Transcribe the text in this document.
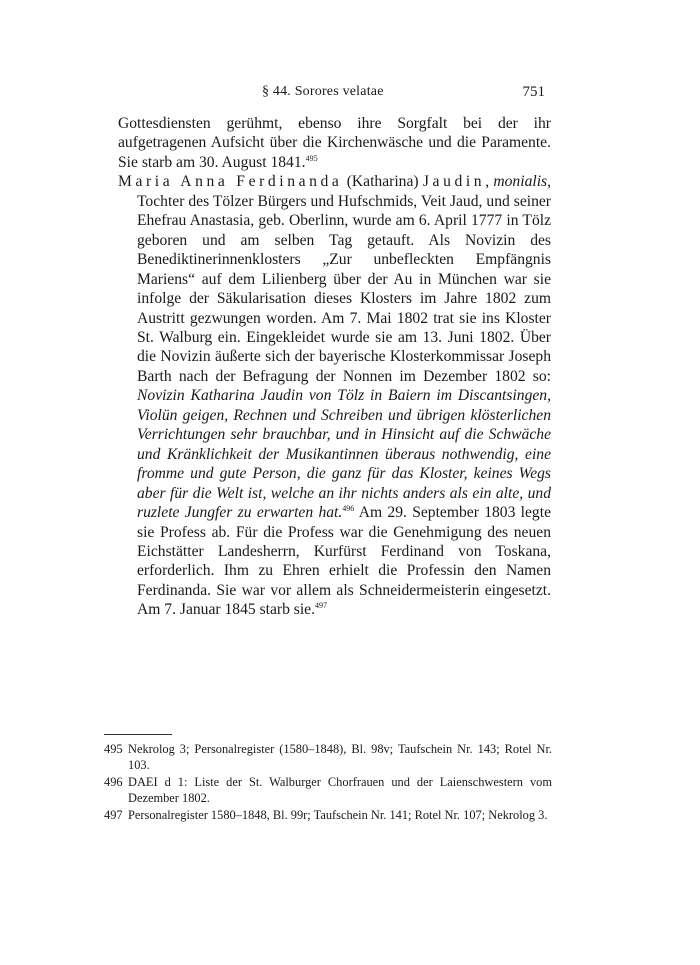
§ 44. Sorores velatae	751

Gottesdiensten gerühmt, ebenso ihre Sorgfalt bei der ihr aufgetragenen Aufsicht über die Kirchenwäsche und die Paramente. Sie starb am 30. August 1841.$^{495}$

Maria Anna Ferdinanda (Katharina) Jaudin, monialis, Tochter des Tölzer Bürgers und Hufschmids, Veit Jaud, und seiner Ehefrau Anastasia, geb. Oberlinn, wurde am 6. April 1777 in Tölz geboren und am selben Tag getauft. Als Novizin des Benediktinerinnenklosters „Zur unbefleckten Empfängnis Mariens“ auf dem Lilienberg über der Au in München war sie infolge der Säkularisation dieses Klosters im Jahre 1802 zum Austritt gezwungen worden. Am 7. Mai 1802 trat sie ins Kloster St. Walburg ein. Eingekleidet wurde sie am 13. Juni 1802. Über die Novizin äußerte sich der bayerische Klosterkommissar Joseph Barth nach der Befragung der Nonnen im Dezember 1802 so: Novizin Katharina Jaudin von Tölz in Baiern im Discantsingen, Violün geigen, Rechnen und Schreiben und übrigen klösterlichen Verrichtungen sehr brauchbar, und in Hinsicht auf die Schwäche und Kränklichkeit der Musikantinnen überaus nothwendig, eine fromme und gute Person, die ganz für das Kloster, keines Wegs aber für die Welt ist, welche an ihr nichts anders als ein alte, und ruzlete Jungfer zu erwarten hat.$^{496}$ Am 29. September 1803 legte sie Profess ab. Für die Profess war die Genehmigung des neuen Eichstätter Landesherrn, Kurfürst Ferdinand von Toskana, erforderlich. Ihm zu Ehren erhielt die Professin den Namen Ferdinanda. Sie war vor allem als Schneidermeisterin eingesetzt. Am 7. Januar 1845 starb sie.$^{497}$

495 Nekrolog 3; Personalregister (1580–1848), Bl. 98v; Taufschein Nr. 143; Rotel Nr. 103.
496 DAEI d 1: Liste der St. Walburger Chorfrauen und der Laienschwestern vom Dezember 1802.
497 Personalregister 1580–1848, Bl. 99r; Taufschein Nr. 141; Rotel Nr. 107; Nekrolog 3.
